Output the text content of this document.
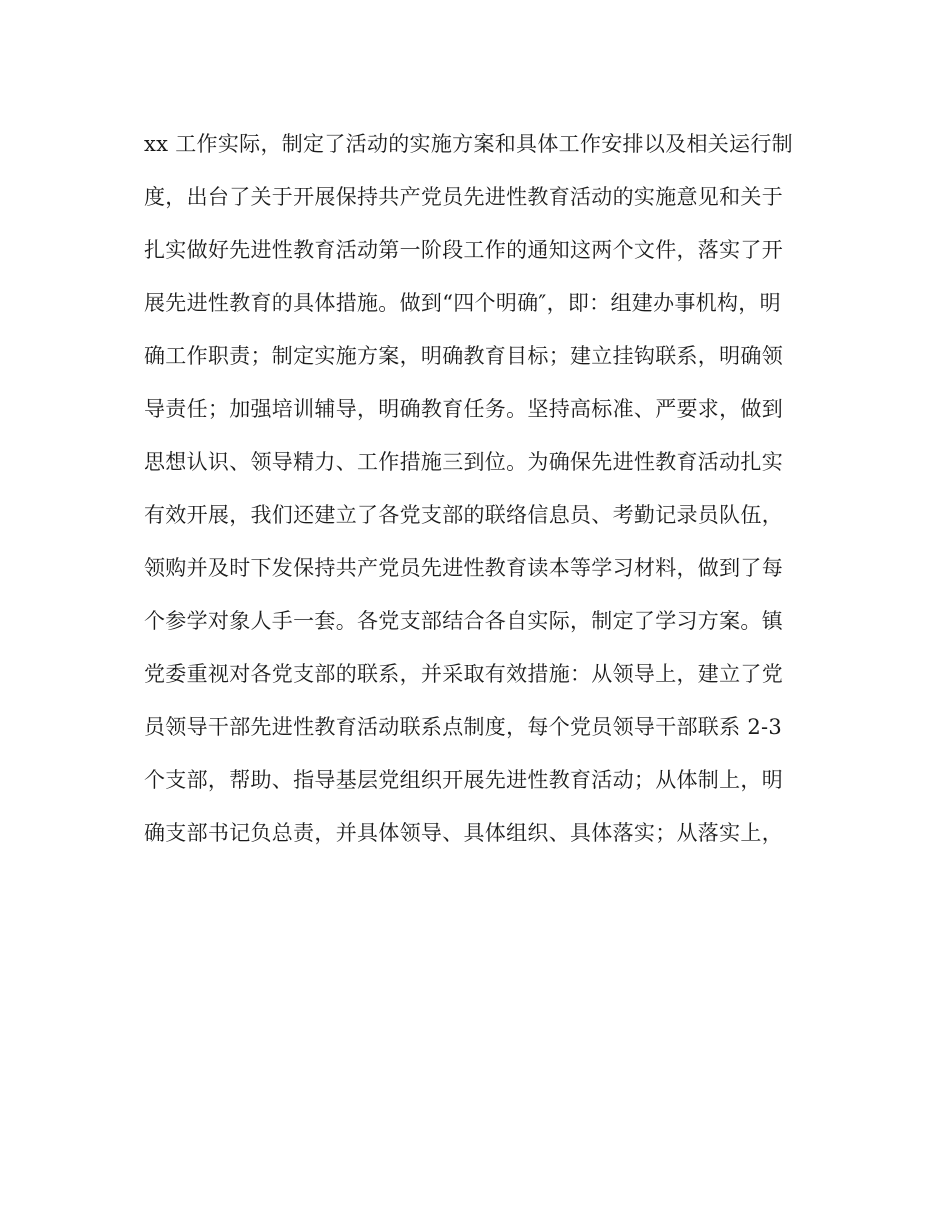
xx 工作实际，制定了活动的实施方案和具体工作安排以及相关运行制
度，出台了关于开展保持共产党员先进性教育活动的实施意见和关于
扎实做好先进性教育活动第一阶段工作的通知这两个文件，落实了开
展先进性教育的具体措施。做到“四个明确″，即：组建办事机构，明
确工作职责；制定实施方案，明确教育目标；建立挂钩联系，明确领
导责任；加强培训辅导，明确教育任务。坚持高标准、严要求，做到
思想认识、领导精力、工作措施三到位。为确保先进性教育活动扎实
有效开展，我们还建立了各党支部的联络信息员、考勤记录员队伍，
领购并及时下发保持共产党员先进性教育读本等学习材料，做到了每
个参学对象人手一套。各党支部结合各自实际，制定了学习方案。镇
党委重视对各党支部的联系，并采取有效措施：从领导上，建立了党
员领导干部先进性教育活动联系点制度，每个党员领导干部联系 2-3
个支部，帮助、指导基层党组织开展先进性教育活动；从体制上，明
确支部书记负总责，并具体领导、具体组织、具体落实；从落实上，
